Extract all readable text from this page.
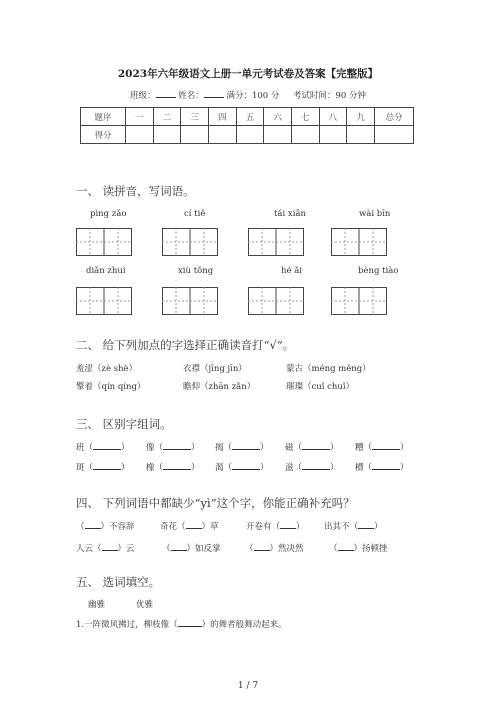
2023年六年级语文上册一单元考试卷及答案【完整版】
班级：	姓名：	满分：100 分 考试时间：90 分钟
题序	一	二	三	四	五	六	七	八	九	总分
得分										
一、 读拼音，写词语。
pìng zǎo	cí tiě	tái xiǎn	wài bīn
diǎn zhuì	xiù tǒng	hé ǎi	bèng tiào
二、 给下列加点的字选择正确读音打“√”。
羞涩（zè shè）	衣襟（jīng jīn）	蒙古（méng měng）
擎着（qín qíng）	瞻仰（zhān zǎn）	璀璨（cuǐ chuǐ）
三、 区别字组词。
班（	） 像（	） 揭（	） 磁（	） 糟（	）
斑（	） 橡（	） 渴（	） 滋（	） 槽（	）
四、 下列词语中都缺少“yì”这个字，你能正确补充吗？
（ ）不容辞	奇花（ ）草	开卷有（ ） 出其不（ ）
人云（ ）云	（ ）如反掌	（ ）然决然	（ ）扬顿挫
五、 选词填空。
幽雅	优雅
1.一阵微风拂过，柳枝像（	）的舞者般舞动起来。
1 / 7
